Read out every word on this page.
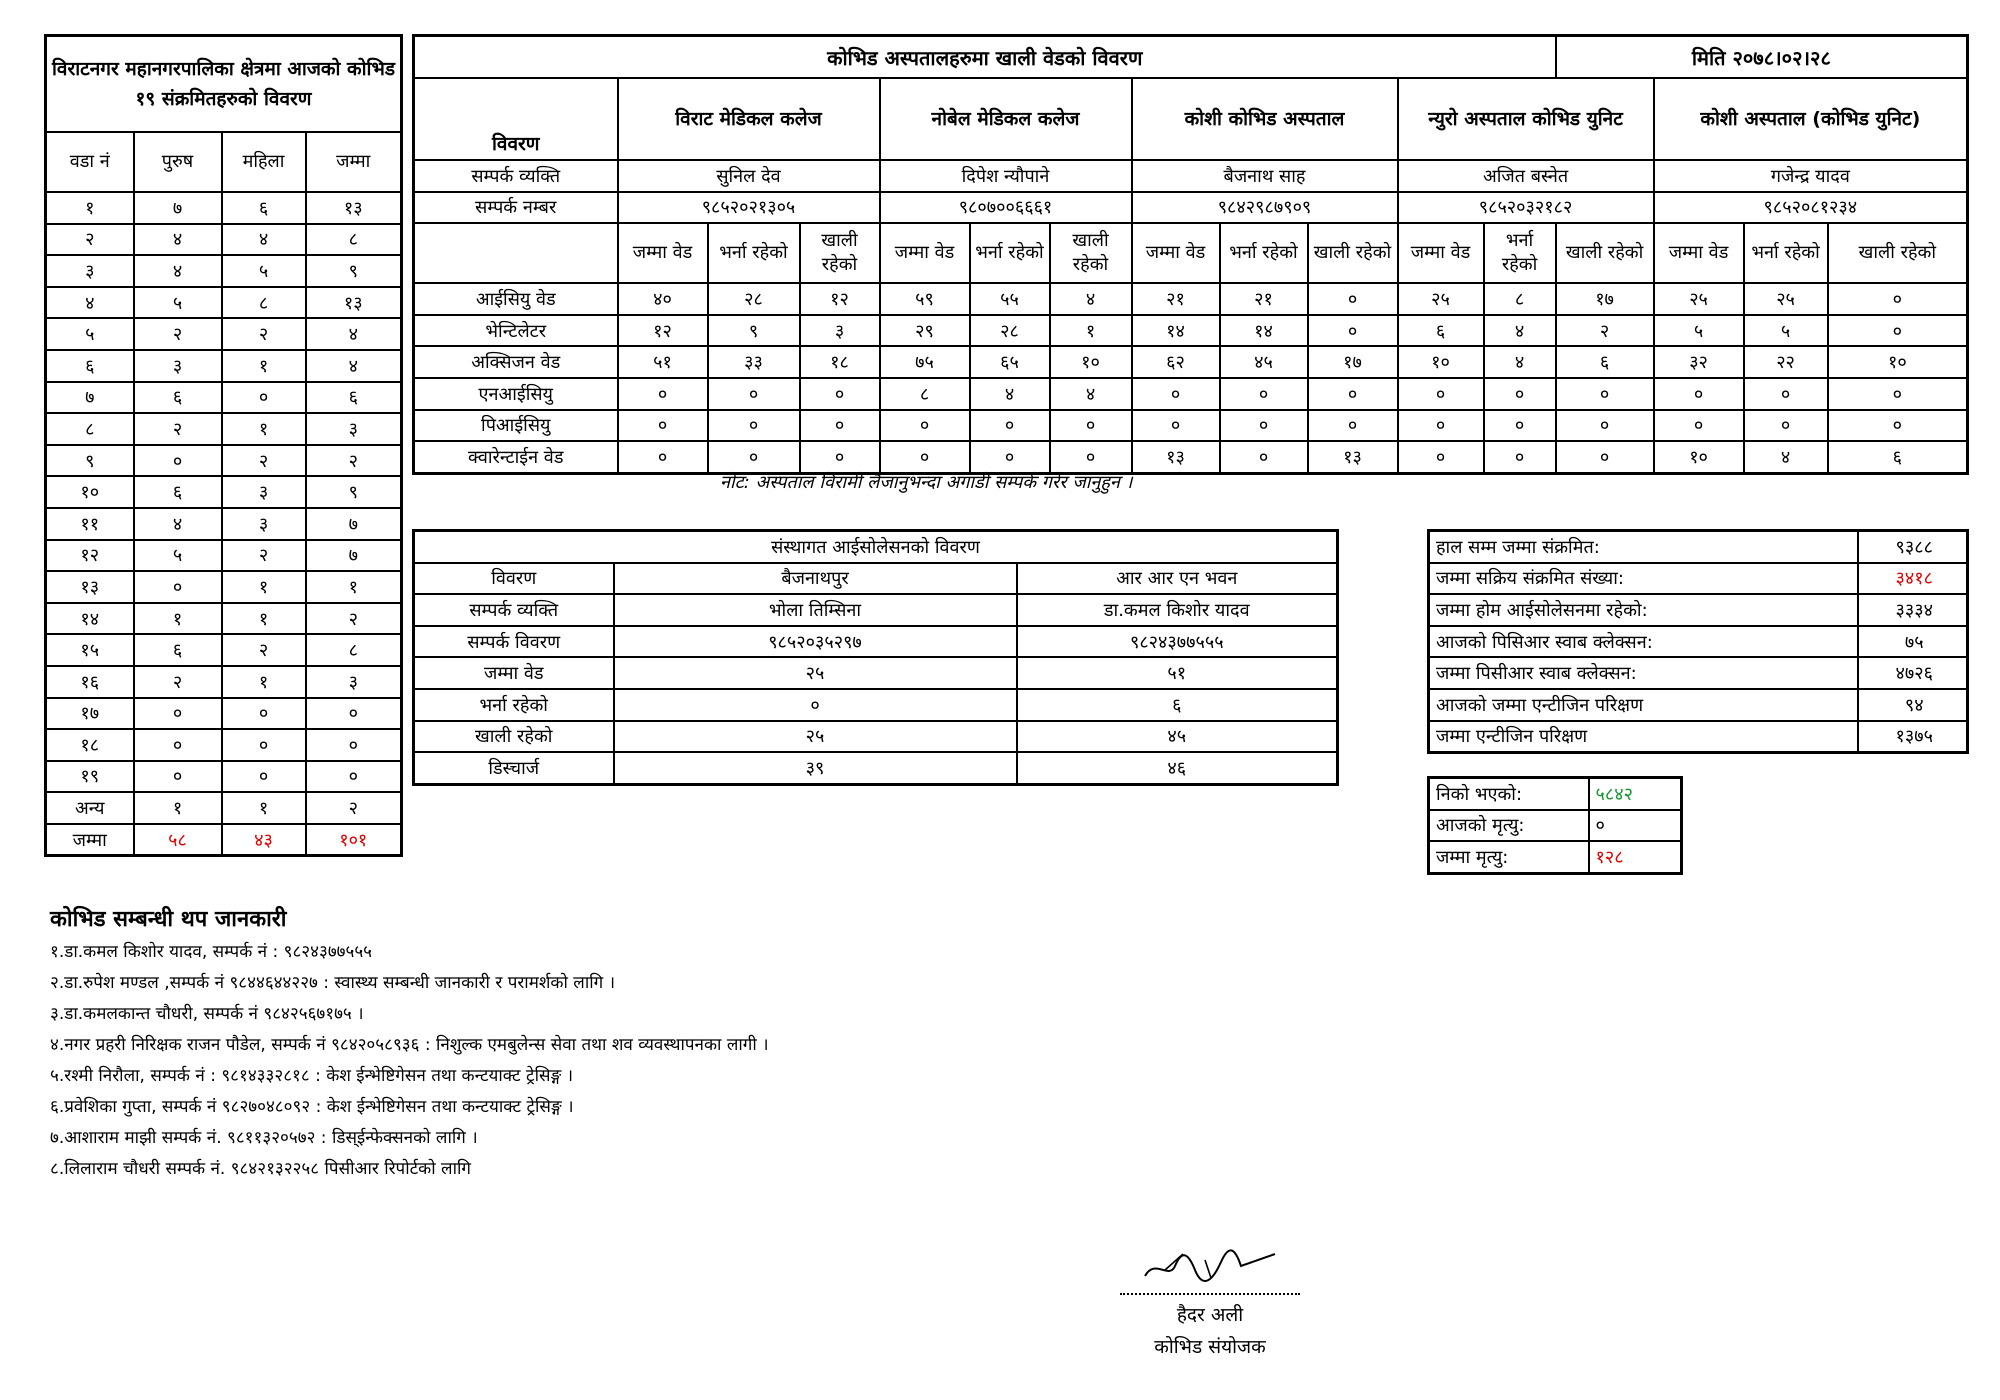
विराटनगर महानगरपालिका क्षेत्रमा आजको कोभिड १९ संक्रमितहरुको विवरण			
वडा नं	पुरुष	महिला	जम्मा
१	७	६	१३
२	४	४	८
३	४	५	९
४	५	८	१३
५	२	२	४
६	३	१	४
७	६	०	६
८	२	१	३
९	०	२	२
१०	६	३	९
११	४	३	७
१२	५	२	७
१३	०	१	१
१४	१	१	२
१५	६	२	८
१६	२	१	३
१७	०	०	०
१८	०	०	०
१९	०	०	०
अन्य	१	१	२
जम्मा	५८	४३	१०१
कोभिड अस्पतालहरुमा खाली वेडको विवरण												मिति २०७८।०२।२८			
विवरण	विराट मेडिकल कलेज			नोबेल मेडिकल कलेज			कोशी कोभिड अस्पताल			न्युरो अस्पताल कोभिड युनिट			कोशी अस्पताल (कोभिड युनिट)		
सम्पर्क व्यक्ति	सुनिल देव			दिपेश न्यौपाने			बैजनाथ साह			अजित बस्नेत			गजेन्द्र यादव		
सम्पर्क नम्बर	९८५२०२१३०५			९८०७००६६६१			९८४२९८७९०९			९८५२०३२१८२			९८५२०८१२३४		
	जम्मा वेड	भर्ना रहेको	खाली रहेको	जम्मा वेड	भर्ना रहेको	खाली रहेको	जम्मा वेड	भर्ना रहेको	खाली रहेको	जम्मा वेड	भर्ना रहेको	खाली रहेको	जम्मा वेड	भर्ना रहेको	खाली रहेको
आईसियु वेड	४०	२८	१२	५९	५५	४	२१	२१	०	२५	८	१७	२५	२५	०
भेन्टिलेटर	१२	९	३	२९	२८	१	१४	१४	०	६	४	२	५	५	०
अक्सिजन वेड	५१	३३	१८	७५	६५	१०	६२	४५	१७	१०	४	६	३२	२२	१०
एनआईसियु	०	०	०	८	४	४	०	०	०	०	०	०	०	०	०
पिआईसियु	०	०	०	०	०	०	०	०	०	०	०	०	०	०	०
क्वारेन्टाईन वेड	०	०	०	०	०	०	१३	०	१३	०	०	०	१०	४	६
नोट: अस्पताल विरामी लैजानुभन्दा अगाडी सम्पर्क गरेर जानुहुन ।
संस्थागत आईसोलेसनको विवरण		
विवरण	बैजनाथपुर	आर आर एन भवन
सम्पर्क व्यक्ति	भोला तिम्सिना	डा.कमल किशोर यादव
सम्पर्क विवरण	९८५२०३५२९७	९८२४३७७५५५
जम्मा वेड	२५	५१
भर्ना रहेको	०	६
खाली रहेको	२५	४५
डिस्चार्ज	३९	४६
हाल सम्म जम्मा संक्रमित:	९३८८
जम्मा सक्रिय संक्रमित संख्या:	३४१८
जम्मा होम आईसोलेसनमा रहेको:	३३३४
आजको पिसिआर स्वाब क्लेक्सन:	७५
जम्मा पिसीआर स्वाब क्लेक्सन:	४७२६
आजको जम्मा एन्टीजिन परिक्षण	९४
जम्मा एन्टीजिन परिक्षण	१३७५
निको भएको:	५८४२
आजको मृत्यु:	०
जम्मा मृत्यु:	१२८
कोभिड सम्बन्धी थप जानकारी
१.डा.कमल किशोर यादव, सम्पर्क नं : ९८२४३७७५५५
२.डा.रुपेश मण्डल ,सम्पर्क नं ९८४४६४४२२७ : स्वास्थ्य सम्बन्धी जानकारी र परामर्शको लागि ।
३.डा.कमलकान्त चौधरी, सम्पर्क नं ९८४२५६७१७५ ।
४.नगर प्रहरी निरिक्षक राजन पौडेल, सम्पर्क नं ९८४२०५८९३६ : निशुल्क एमबुलेन्स सेवा तथा शव व्यवस्थापनका लागी ।
५.रश्मी निरौला, सम्पर्क नं : ९८१४३३२८१८ : केश ईन्भेष्टिगेसन तथा कन्टयाक्ट ट्रेसिङ्ग ।
६.प्रवेशिका गुप्ता, सम्पर्क नं ९८२७०४८०९२ : केश ईन्भेष्टिगेसन तथा कन्टयाक्ट ट्रेसिङ्ग ।
७.आशाराम माझी सम्पर्क नं. ९८११३२०५७२ : डिस्ईन्फेक्सनको लागि ।
८.लिलाराम चौधरी सम्पर्क नं. ९८४२१३२२५८ पिसीआर रिपोर्टको लागि
हैदर अली
कोभिड संयोजक
